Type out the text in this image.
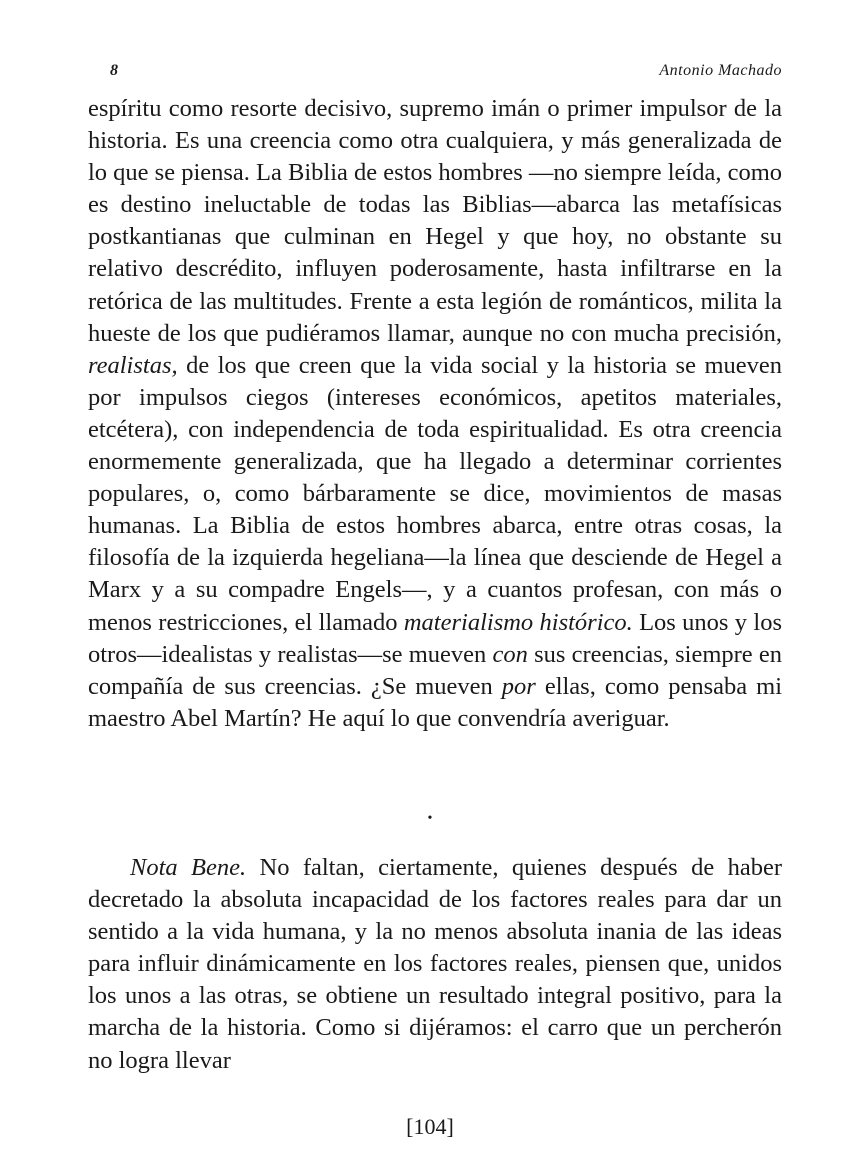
8	Antonio Machado

espíritu como resorte decisivo, supremo imán o primer impulsor de la historia. Es una creencia como otra cualquiera, y más generalizada de lo que se piensa. La Biblia de estos hombres —no siempre leída, como es destino ineluctable de todas las Biblias—abarca las metafísicas postkantianas que culminan en Hegel y que hoy, no obstante su relativo descrédito, influyen poderosamente, hasta infiltrarse en la retórica de las multitudes. Frente a esta legión de románticos, milita la hueste de los que pudiéramos llamar, aunque no con mucha precisión, realistas, de los que creen que la vida social y la historia se mueven por impulsos ciegos (intereses económicos, apetitos materiales, etcétera), con independencia de toda espiritualidad. Es otra creencia enormemente generalizada, que ha llegado a determinar corrientes populares, o, como bárbaramente se dice, movimientos de masas humanas. La Biblia de estos hombres abarca, entre otras cosas, la filosofía de la izquierda hegeliana—la línea que desciende de Hegel a Marx y a su compadre Engels—, y a cuantos profesan, con más o menos restricciones, el llamado materialismo histórico. Los unos y los otros—idealistas y realistas—se mueven con sus creencias, siempre en compañía de sus creencias. ¿Se mueven por ellas, como pensaba mi maestro Abel Martín? He aquí lo que convendría averiguar.

•

Nota Bene. No faltan, ciertamente, quienes después de haber decretado la absoluta incapacidad de los factores reales para dar un sentido a la vida humana, y la no menos absoluta inania de las ideas para influir dinámicamente en los factores reales, piensen que, unidos los unos a las otras, se obtiene un resultado integral positivo, para la marcha de la historia. Como si dijéramos: el carro que un percherón no logra llevar

[104]
